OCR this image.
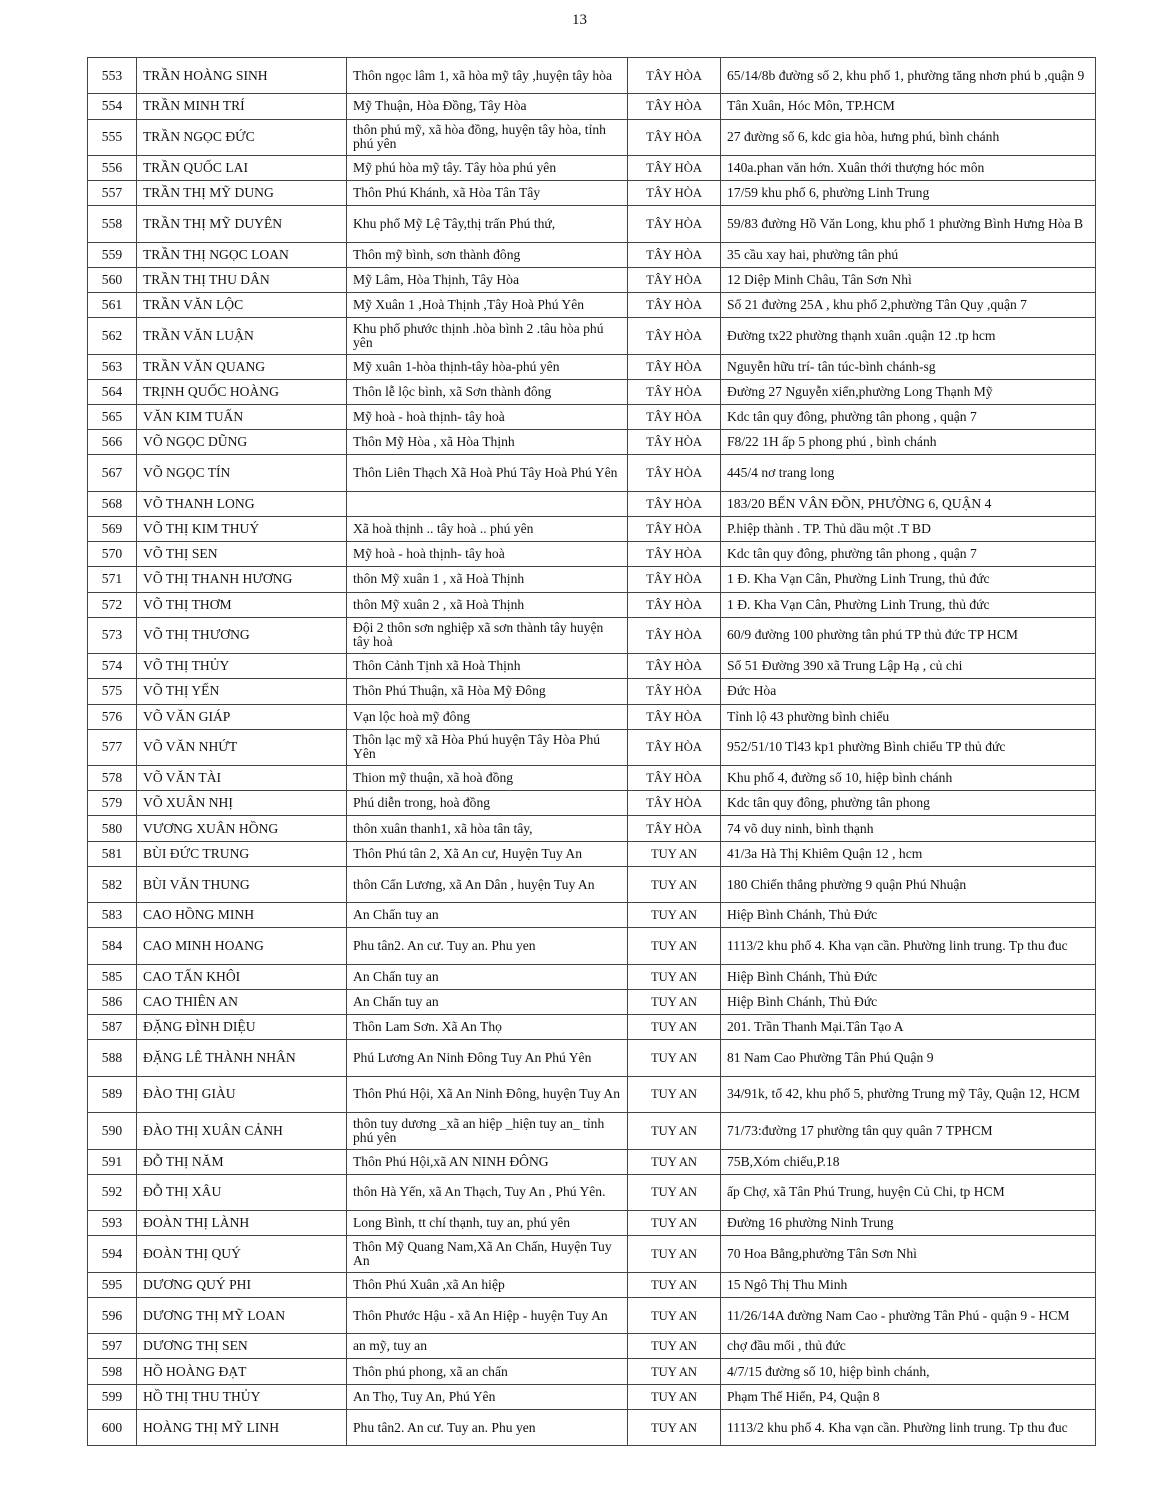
13
553	TRẦN HOÀNG SINH	Thôn ngọc lâm 1, xã hòa mỹ tây ,huyện tây hòa	TÂY HÒA	65/14/8b đường số 2, khu phố 1, phường tăng nhơn phú b ,quận 9
554	TRẦN MINH TRÍ	Mỹ Thuận, Hòa Đồng, Tây Hòa	TÂY HÒA	Tân Xuân, Hóc Môn, TP.HCM
555	TRẦN NGỌC ĐỨC	thôn phú mỹ, xã hòa đồng, huyện tây hòa, tỉnh phú yên	TÂY HÒA	27 đường số 6, kdc gia hòa, hưng phú, bình chánh
556	TRẦN QUỐC LAI	Mỹ phú hòa mỹ tây. Tây hòa phú yên	TÂY HÒA	140a.phan văn hớn. Xuân thới thượng hóc môn
557	TRẦN THỊ MỸ DUNG	Thôn Phú Khánh, xã Hòa Tân Tây	TÂY HÒA	17/59 khu phố 6, phường Linh Trung
558	TRẦN THỊ MỸ DUYÊN	Khu phố Mỹ Lệ Tây,thị trấn Phú thứ,	TÂY HÒA	59/83 đường Hồ Văn Long, khu phố 1 phường Bình Hưng Hòa B
559	TRẦN THỊ NGỌC LOAN	Thôn mỹ bình, sơn thành đông	TÂY HÒA	35 cầu xay hai, phường tân phú
560	TRẦN THỊ THU DÂN	Mỹ Lâm, Hòa Thịnh, Tây Hòa	TÂY HÒA	12 Diệp Minh Châu, Tân Sơn Nhì
561	TRẦN VĂN LỘC	Mỹ Xuân 1 ,Hoà Thịnh ,Tây Hoà Phú Yên	TÂY HÒA	Số 21 đường 25A , khu phố 2,phường Tân Quy ,quận 7
562	TRẦN VĂN LUẬN	Khu phố phước thịnh .hòa bình 2 .tâu hòa phú yên	TÂY HÒA	Đường tx22 phường thạnh xuân .quận 12 .tp hcm
563	TRẦN VĂN QUANG	Mỹ xuân 1-hòa thịnh-tây hòa-phú yên	TÂY HÒA	Nguyễn hữu trí- tân túc-bình chánh-sg
564	TRỊNH QUỐC HOÀNG	Thôn lễ lộc bình, xã Sơn thành đông	TÂY HÒA	Đường 27 Nguyễn xiển,phường Long Thạnh Mỹ
565	VĂN KIM TUẤN	Mỹ hoà - hoà thịnh- tây hoà	TÂY HÒA	Kdc tân quy đông, phường tân phong , quận 7
566	VÕ NGỌC DŨNG	Thôn Mỹ Hòa , xã Hòa Thịnh	TÂY HÒA	F8/22 1H ấp 5 phong phú , bình chánh
567	VÕ NGỌC TÍN	Thôn Liên Thạch Xã Hoà Phú Tây Hoà Phú Yên	TÂY HÒA	445/4 nơ trang long
568	VÕ THANH LONG		TÂY HÒA	183/20 BẾN VÂN ĐỒN, PHƯỜNG 6, QUẬN 4
569	VÕ THỊ KIM THUÝ	Xã hoà thịnh .. tây hoà .. phú yên	TÂY HÒA	P.hiệp thành . TP. Thủ dầu một .T BD
570	VÕ THỊ SEN	Mỹ hoà - hoà thịnh- tây hoà	TÂY HÒA	Kdc tân quy đông, phường tân phong , quận 7
571	VÕ THỊ THANH HƯƠNG	thôn Mỹ xuân 1 , xã Hoà Thịnh	TÂY HÒA	1 Đ. Kha Vạn Cân, Phường Linh Trung, thủ đức
572	VÕ THỊ THƠM	thôn Mỹ xuân 2 , xã Hoà Thịnh	TÂY HÒA	1 Đ. Kha Vạn Cân, Phường Linh Trung, thủ đức
573	VÕ THỊ THƯƠNG	Đội 2 thôn sơn nghiệp xã sơn thành tây huyện tây hoà	TÂY HÒA	60/9 đường 100 phường tân phú TP thủ đức TP HCM
574	VÕ THỊ THỦY	Thôn Cảnh Tịnh xã Hoà Thịnh	TÂY HÒA	Số 51 Đường 390 xã Trung Lập Hạ , củ chi
575	VÕ THỊ YẾN	Thôn Phú Thuận, xã Hòa Mỹ Đông	TÂY HÒA	Đức Hòa
576	VÕ VĂN GIÁP	Vạn lộc hoà mỹ đông	TÂY HÒA	Tỉnh lộ 43 phường bình chiểu
577	VÕ VĂN NHỨT	Thôn lạc mỹ xã Hòa Phú huyện Tây Hòa Phú Yên	TÂY HÒA	952/51/10 Tl43 kp1 phường Bình chiểu TP thủ đức
578	VÕ VĂN TÀI	Thion mỹ thuận, xã hoà đồng	TÂY HÒA	Khu phố 4, đường số 10, hiệp bình chánh
579	VÕ XUÂN NHỊ	Phú diễn trong, hoà đồng	TÂY HÒA	Kdc tân quy đông, phường tân phong
580	VƯƠNG XUÂN HỒNG	thôn xuân thanh1, xã hòa tân tây,	TÂY HÒA	74 võ duy ninh, bình thạnh
581	BÙI ĐỨC TRUNG	Thôn Phú tân 2, Xã An cư, Huyện Tuy An	TUY AN	41/3a Hà Thị Khiêm Quận 12 , hcm
582	BÙI VĂN THUNG	thôn Cẩn Lương, xã An Dân , huyện Tuy An	TUY AN	180 Chiến thắng phường 9 quận Phú Nhuận
583	CAO HỒNG MINH	An Chấn tuy an	TUY AN	Hiệp Bình Chánh, Thủ Đức
584	CAO MINH HOANG	Phu tân2. An cư. Tuy an. Phu yen	TUY AN	1113/2 khu phố 4. Kha vạn cần. Phường linh trung. Tp thu đuc
585	CAO TẤN KHÔI	An Chấn tuy an	TUY AN	Hiệp Bình Chánh, Thủ Đức
586	CAO THIÊN AN	An Chấn tuy an	TUY AN	Hiệp Bình Chánh, Thủ Đức
587	ĐẶNG ĐÌNH DIỆU	Thôn Lam Sơn. Xã An Thọ	TUY AN	201. Trần Thanh Mại.Tân Tạo A
588	ĐẶNG LÊ THÀNH NHÂN	Phú Lương An Ninh Đông Tuy An Phú Yên	TUY AN	81 Nam Cao Phường Tân Phú Quận 9
589	ĐÀO THỊ GIÀU	Thôn Phú Hội, Xã An Ninh Đông, huyện Tuy An	TUY AN	34/91k, tổ 42, khu phố 5, phường Trung mỹ Tây, Quận 12, HCM
590	ĐÀO THỊ XUÂN CẢNH	thôn tuy dương _xã an hiệp _hiện tuy an_ tỉnh phú yên	TUY AN	71/73:đường 17 phường tân quy quân 7 TPHCM
591	ĐỖ THỊ NĂM	Thôn Phú Hội,xã AN NINH ĐÔNG	TUY AN	75B,Xóm chiếu,P.18
592	ĐỖ THỊ XÂU	thôn Hà Yến, xã An Thạch, Tuy An , Phú Yên.	TUY AN	ấp Chợ, xã Tân Phú Trung, huyện Củ Chi, tp HCM
593	ĐOÀN THỊ LÀNH	Long Bình, tt chí thạnh, tuy an, phú yên	TUY AN	Đường 16 phường Ninh Trung
594	ĐOÀN THỊ QUÝ	Thôn Mỹ Quang Nam,Xã An Chấn, Huyện Tuy An	TUY AN	70 Hoa Bằng,phường Tân Sơn Nhì
595	DƯƠNG QUÝ PHI	Thôn Phú Xuân ,xã An hiệp	TUY AN	15 Ngô Thị Thu Minh
596	DƯƠNG THỊ MỸ LOAN	Thôn Phước Hậu - xã An Hiệp - huyện Tuy An	TUY AN	11/26/14A đường Nam Cao - phường Tân Phú - quận 9 - HCM
597	DƯƠNG THỊ SEN	an mỹ, tuy an	TUY AN	chợ đầu mối , thủ đức
598	HỒ HOÀNG ĐẠT	Thôn phú phong, xã an chấn	TUY AN	4/7/15 đường số 10, hiệp bình chánh,
599	HỒ THỊ THU THỦY	An Thọ, Tuy An, Phú Yên	TUY AN	Phạm Thế Hiển, P4, Quận 8
600	HOÀNG THỊ MỸ LINH	Phu tân2. An cư. Tuy an. Phu yen	TUY AN	1113/2 khu phố 4. Kha vạn cần. Phường linh trung. Tp thu đuc
